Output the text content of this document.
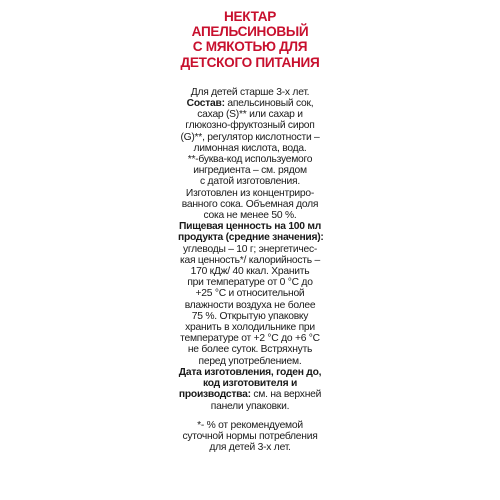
НЕКТАР
АПЕЛЬСИНОВЫЙ
С МЯКОТЬЮ ДЛЯ
ДЕТСКОГО ПИТАНИЯ
Для детей старше 3-х лет.
Состав: апельсиновый сок,
сахар (S)** или сахар и
глюкозно-фруктозный сироп
(G)**, регулятор кислотности –
лимонная кислота, вода.
**-буква-код используемого
ингредиента – см. рядом
с датой изготовления.
Изготовлен из концентриро-
ванного сока. Объемная доля
сока не менее 50 %.
Пищевая ценность на 100 мл
продукта (средние значения):
углеводы – 10 г; энергетичес-
кая ценность*/ калорийность –
170 кДж/ 40 ккал. Хранить
при температуре от 0 °С до
+25 °С и относительной
влажности воздуха не более
75 %. Открытую упаковку
хранить в холодильнике при
температуре от +2 °С до +6 °С
не более суток. Встряхнуть
перед употреблением.
Дата изготовления, годен до,
код изготовителя и
производства: см. на верхней
панели упаковки.
*- % от рекомендуемой
суточной нормы потребления
для детей 3-х лет.
